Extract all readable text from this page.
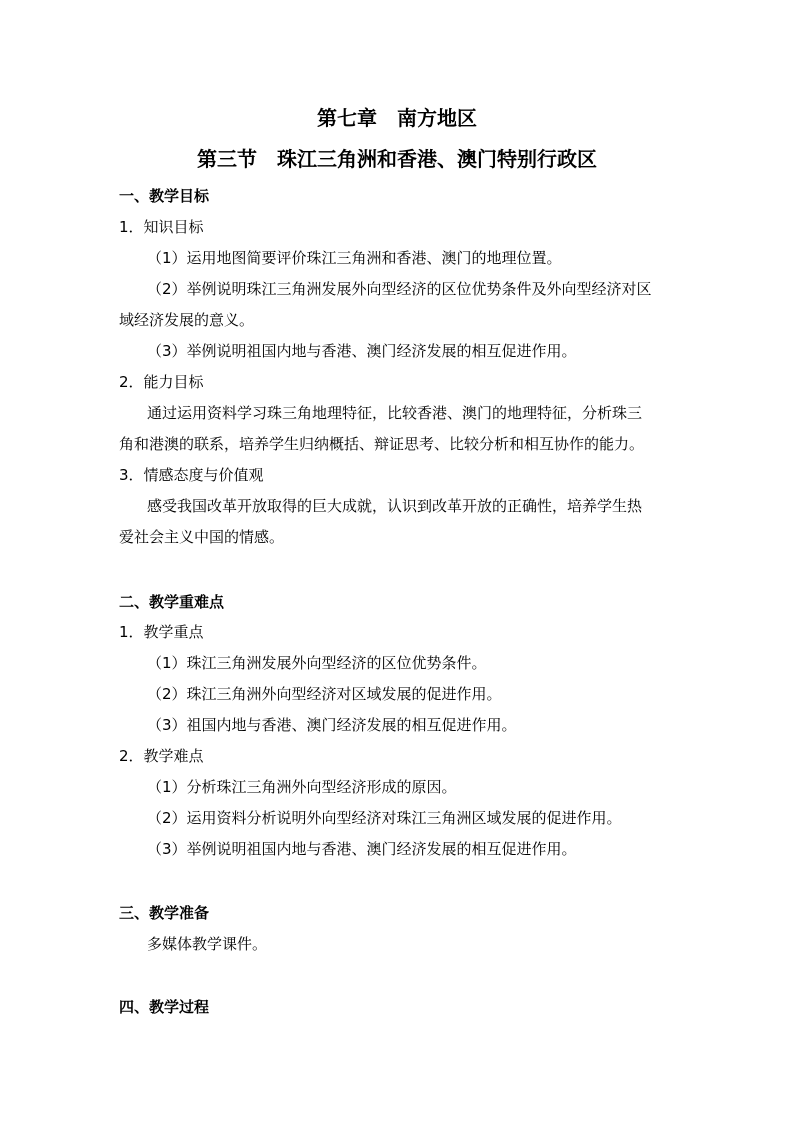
第七章　南方地区
第三节　珠江三角洲和香港、澳门特别行政区
一、教学目标
1．知识目标
（1）运用地图简要评价珠江三角洲和香港、澳门的地理位置。
（2）举例说明珠江三角洲发展外向型经济的区位优势条件及外向型经济对区
域经济发展的意义。
（3）举例说明祖国内地与香港、澳门经济发展的相互促进作用。
2．能力目标
通过运用资料学习珠三角地理特征，比较香港、澳门的地理特征，分析珠三
角和港澳的联系，培养学生归纳概括、辩证思考、比较分析和相互协作的能力。
3．情感态度与价值观
感受我国改革开放取得的巨大成就，认识到改革开放的正确性，培养学生热
爱社会主义中国的情感。
二、教学重难点
1．教学重点
（1）珠江三角洲发展外向型经济的区位优势条件。
（2）珠江三角洲外向型经济对区域发展的促进作用。
（3）祖国内地与香港、澳门经济发展的相互促进作用。
2．教学难点
（1）分析珠江三角洲外向型经济形成的原因。
（2）运用资料分析说明外向型经济对珠江三角洲区域发展的促进作用。
（3）举例说明祖国内地与香港、澳门经济发展的相互促进作用。
三、教学准备
多媒体教学课件。
四、教学过程
